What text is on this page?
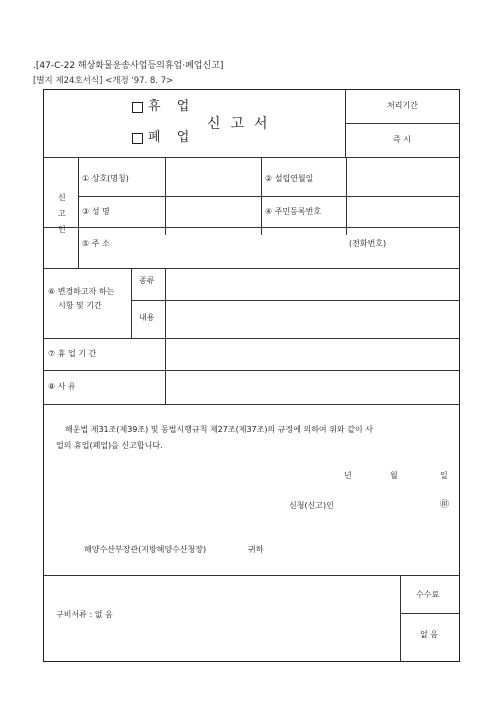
.[47-C-22 해상화물운송사업등의휴업·폐업신고]
[별지 제24호서식] <개정 '97. 8. 7>
휴 업
폐 업
신고서
처리기간
즉 시
신
고
인
① 상호(명칭)	② 설립연월일
③ 성 명	④ 주민등록번호
⑤ 주 소	(전화번호)
⑥ 변경하고자 하는
시항 및 기간
종류
내용
⑦ 휴 업 기 간
⑧ 사 유
해운법 제31조(제39조) 및 동법시행규칙 제27조(제37조)의 규정에 의하여 위와 같이 사
업의 휴업(폐업)을 신고합니다.
년	월	일
신청(신고)인	㊞
해양수산부장관(지방해양수산청장)	귀하
구비서류 : 없 음
수수료
없 음
